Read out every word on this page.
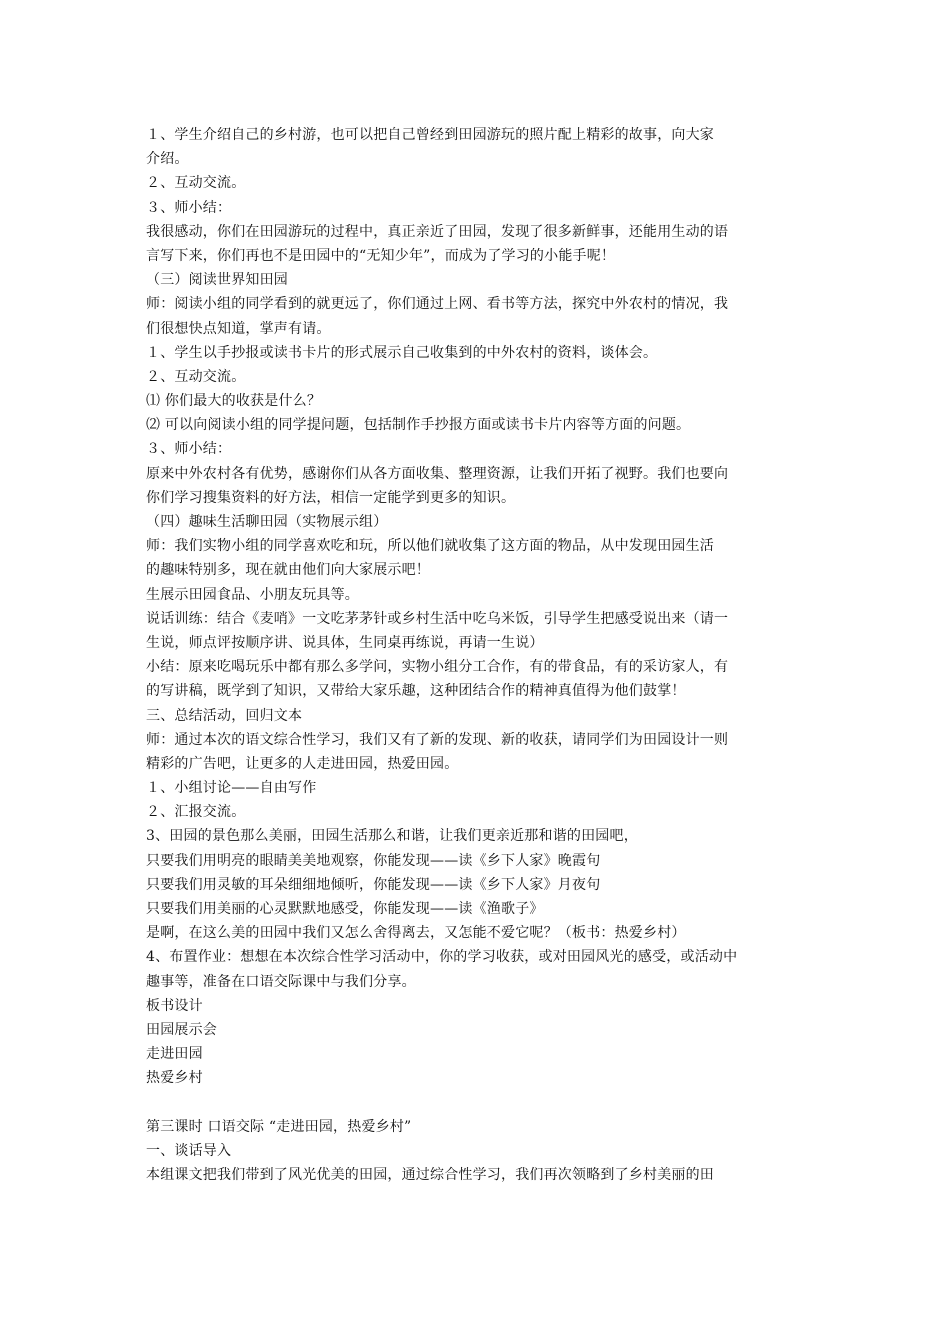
１、学生介绍自己的乡村游，也可以把自己曾经到田园游玩的照片配上精彩的故事，向大家
介绍。
２、互动交流。
３、师小结：
我很感动，你们在田园游玩的过程中，真正亲近了田园，发现了很多新鲜事，还能用生动的语
言写下来，你们再也不是田园中的“无知少年”，而成为了学习的小能手呢！
（三）阅读世界知田园
师：阅读小组的同学看到的就更远了，你们通过上网、看书等方法，探究中外农村的情况，我
们很想快点知道，掌声有请。
１、学生以手抄报或读书卡片的形式展示自己收集到的中外农村的资料，谈体会。
２、互动交流。
⑴ 你们最大的收获是什么？
⑵ 可以向阅读小组的同学提问题，包括制作手抄报方面或读书卡片内容等方面的问题。
３、师小结：
原来中外农村各有优势，感谢你们从各方面收集、整理资源，让我们开拓了视野。我们也要向
你们学习搜集资料的好方法，相信一定能学到更多的知识。
（四）趣味生活聊田园（实物展示组）
师：我们实物小组的同学喜欢吃和玩，所以他们就收集了这方面的物品，从中发现田园生活
的趣味特别多，现在就由他们向大家展示吧！
生展示田园食品、小朋友玩具等。
说话训练：结合《麦哨》一文吃茅茅针或乡村生活中吃乌米饭，引导学生把感受说出来（请一
生说，师点评按顺序讲、说具体，生同桌再练说，再请一生说）
小结：原来吃喝玩乐中都有那么多学问，实物小组分工合作，有的带食品，有的采访家人，有
的写讲稿，既学到了知识，又带给大家乐趣，这种团结合作的精神真值得为他们鼓掌！
三、总结活动，回归文本
师：通过本次的语文综合性学习，我们又有了新的发现、新的收获，请同学们为田园设计一则
精彩的广告吧，让更多的人走进田园，热爱田园。
１、小组讨论——自由写作
２、汇报交流。
3、田园的景色那么美丽，田园生活那么和谐，让我们更亲近那和谐的田园吧，
只要我们用明亮的眼睛美美地观察，你能发现——读《乡下人家》晚霞句
只要我们用灵敏的耳朵细细地倾听，你能发现——读《乡下人家》月夜句
只要我们用美丽的心灵默默地感受，你能发现——读《渔歌子》
是啊，在这么美的田园中我们又怎么舍得离去，又怎能不爱它呢？（板书：热爱乡村）
4、布置作业：想想在本次综合性学习活动中，你的学习收获，或对田园风光的感受，或活动中
趣事等，准备在口语交际课中与我们分享。
板书设计
田园展示会
走进田园
热爱乡村
第三课时 口语交际 “走进田园，热爱乡村”
一、谈话导入
本组课文把我们带到了风光优美的田园，通过综合性学习，我们再次领略到了乡村美丽的田
